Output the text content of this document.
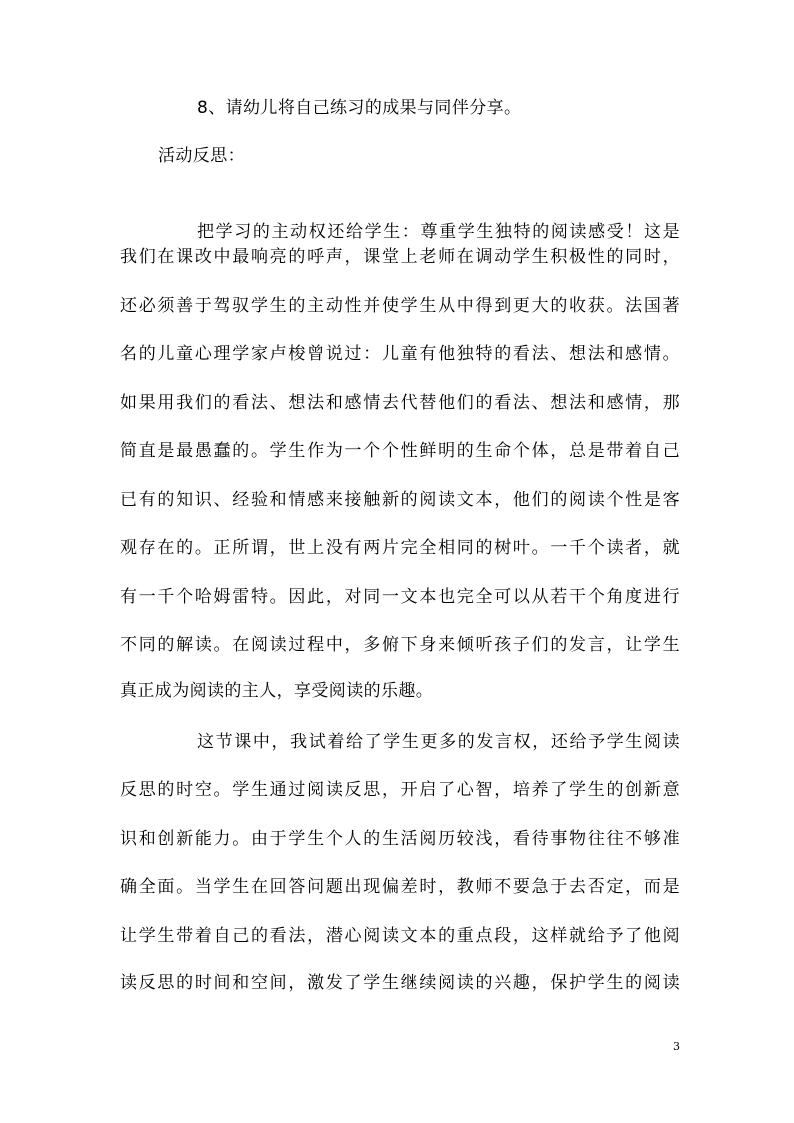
8、请幼儿将自己练习的成果与同伴分享。
活动反思：
把学习的主动权还给学生：尊重学生独特的阅读感受！这是
我们在课改中最响亮的呼声，课堂上老师在调动学生积极性的同时，
还必须善于驾驭学生的主动性并使学生从中得到更大的收获。法国著
名的儿童心理学家卢梭曾说过：儿童有他独特的看法、想法和感情。
如果用我们的看法、想法和感情去代替他们的看法、想法和感情，那
简直是最愚蠢的。学生作为一个个性鲜明的生命个体，总是带着自己
已有的知识、经验和情感来接触新的阅读文本，他们的阅读个性是客
观存在的。正所谓，世上没有两片完全相同的树叶。一千个读者，就
有一千个哈姆雷特。因此，对同一文本也完全可以从若干个角度进行
不同的解读。在阅读过程中，多俯下身来倾听孩子们的发言，让学生
真正成为阅读的主人，享受阅读的乐趣。
这节课中，我试着给了学生更多的发言权，还给予学生阅读
反思的时空。学生通过阅读反思，开启了心智，培养了学生的创新意
识和创新能力。由于学生个人的生活阅历较浅，看待事物往往不够准
确全面。当学生在回答问题出现偏差时，教师不要急于去否定，而是
让学生带着自己的看法，潜心阅读文本的重点段，这样就给予了他阅
读反思的时间和空间，激发了学生继续阅读的兴趣，保护学生的阅读
3
